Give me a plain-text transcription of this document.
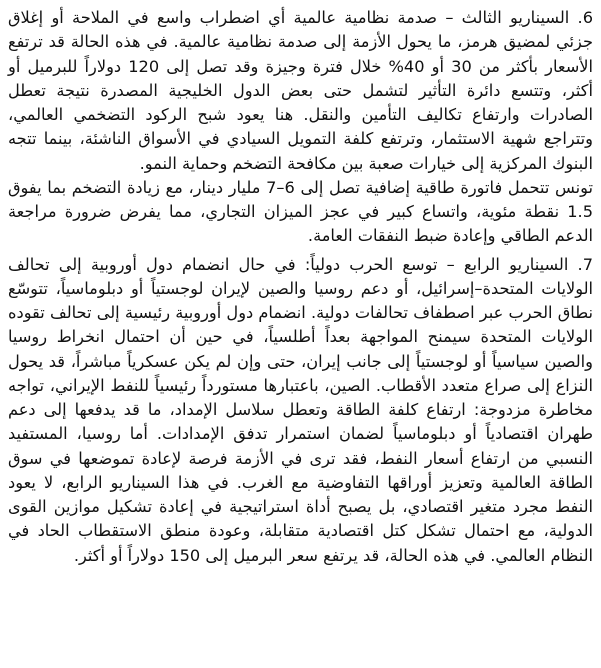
6. السيناريو الثالث – صدمة نظامية عالمية أي اضطراب واسع في الملاحة أو إغلاق جزئي لمضيق هرمز، ما يحول الأزمة إلى صدمة نظامية عالمية. في هذه الحالة قد ترتفع الأسعار بأكثر من 30 أو 40% خلال فترة وجيزة وقد تصل إلى 120 دولاراً للبرميل أو أكثر، وتتسع دائرة التأثير لتشمل حتى بعض الدول الخليجية المصدرة نتيجة تعطل الصادرات وارتفاع تكاليف التأمين والنقل. هنا يعود شبح الركود التضخمي العالمي، وتتراجع شهية الاستثمار، وترتفع كلفة التمويل السيادي في الأسواق الناشئة، بينما تتجه البنوك المركزية إلى خيارات صعبة بين مكافحة التضخم وحماية النمو.

تونس تتحمل فاتورة طاقية إضافية تصل إلى 6–7 مليار دينار، مع زيادة التضخم بما يفوق 1.5 نقطة مئوية، واتساع كبير في عجز الميزان التجاري، مما يفرض ضرورة مراجعة الدعم الطاقي وإعادة ضبط النفقات العامة.

7. السيناريو الرابع – توسع الحرب دولياً: في حال انضمام دول أوروبية إلى تحالف الولايات المتحدة–إسرائيل، أو دعم روسيا والصين لإيران لوجستياً أو دبلوماسياً، تتوسّع نطاق الحرب عبر اصطفاف تحالفات دولية. انضمام دول أوروبية رئيسية إلى تحالف تقوده الولايات المتحدة سيمنح المواجهة بعداً أطلسياً، في حين أن احتمال انخراط روسيا والصين سياسياً أو لوجستياً إلى جانب إيران، حتى وإن لم يكن عسكرياً مباشراً، قد يحول النزاع إلى صراع متعدد الأقطاب. الصين، باعتبارها مستورداً رئيسياً للنفط الإيراني، تواجه مخاطرة مزدوجة: ارتفاع كلفة الطاقة وتعطل سلاسل الإمداد، ما قد يدفعها إلى دعم طهران اقتصادياً أو دبلوماسياً لضمان استمرار تدفق الإمدادات. أما روسيا، المستفيد النسبي من ارتفاع أسعار النفط، فقد ترى في الأزمة فرصة لإعادة تموضعها في سوق الطاقة العالمية وتعزيز أوراقها التفاوضية مع الغرب. في هذا السيناريو الرابع، لا يعود النفط مجرد متغير اقتصادي، بل يصبح أداة استراتيجية في إعادة تشكيل موازين القوى الدولية، مع احتمال تشكل كتل اقتصادية متقابلة، وعودة منطق الاستقطاب الحاد في النظام العالمي. في هذه الحالة، قد يرتفع سعر البرميل إلى 150 دولاراً أو أكثر.
